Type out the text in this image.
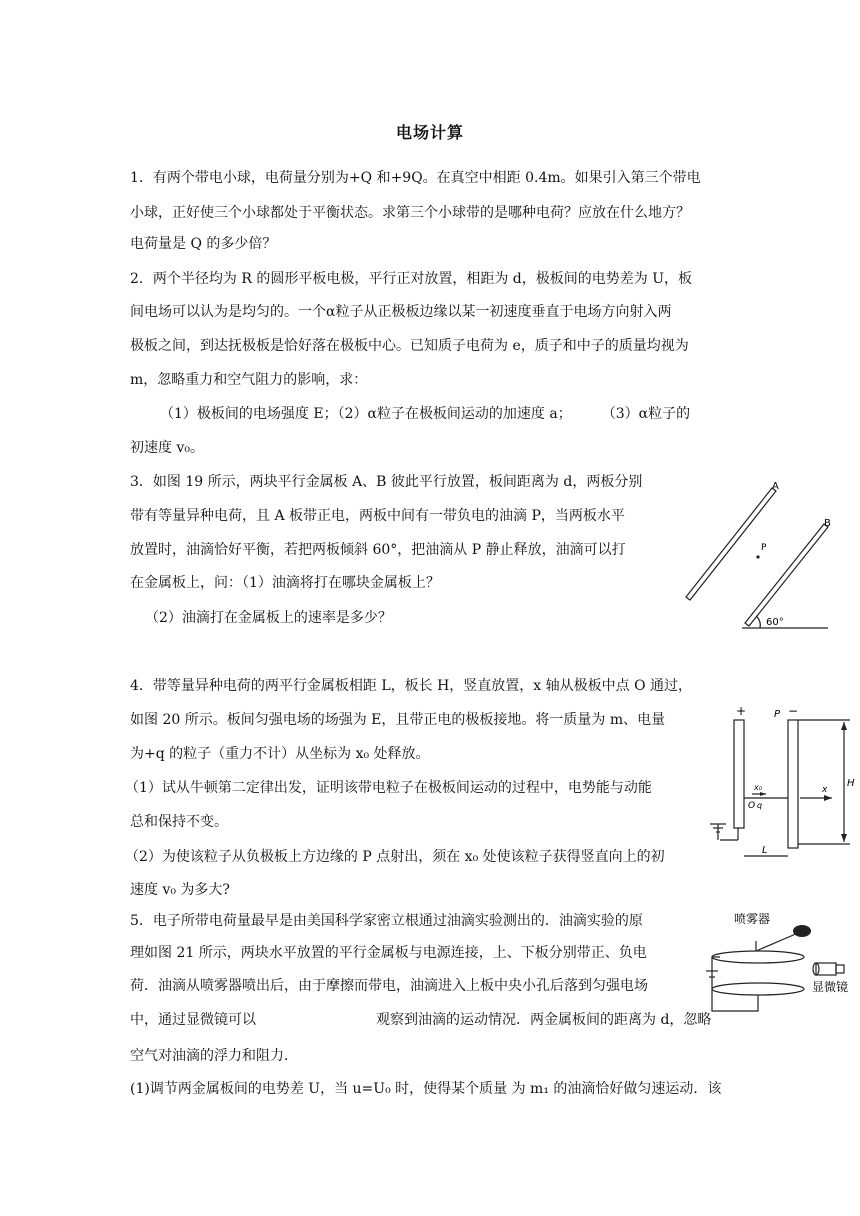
电场计算
1．有两个带电小球，电荷量分别为+Q 和+9Q。在真空中相距 0.4m。如果引入第三个带电
小球，正好使三个小球都处于平衡状态。求第三个小球带的是哪种电荷？应放在什么地方？
电荷量是 Q 的多少倍？
2．两个半径均为 R 的圆形平板电极，平行正对放置，相距为 d，极板间的电势差为 U，板
间电场可以认为是均匀的。一个α粒子从正极板边缘以某一初速度垂直于电场方向射入两
极板之间，到达抚极板是恰好落在极板中心。已知质子电荷为 e，质子和中子的质量均视为
m，忽略重力和空气阻力的影响，求：
（1）极板间的电场强度 E；（2）α粒子在极板间运动的加速度 a； （3）α粒子的
初速度 v₀。
3．如图 19 所示，两块平行金属板 A、B 彼此平行放置，板间距离为 d，两板分别
带有等量异种电荷，且 A 板带正电，两板中间有一带负电的油滴 P，当两板水平
放置时，油滴恰好平衡，若把两板倾斜 60°，把油滴从 P 静止释放，油滴可以打
在金属板上，问：（1）油滴将打在哪块金属板上？
（2）油滴打在金属板上的速率是多少？
4．带等量异种电荷的两平行金属板相距 L，板长 H，竖直放置，x 轴从极板中点 O 通过，
如图 20 所示。板间匀强电场的场强为 E，且带正电的极板接地。将一质量为 m、电量
为+q 的粒子（重力不计）从坐标为 x₀ 处释放。
（1）试从牛顿第二定律出发，证明该带电粒子在极板间运动的过程中，电势能与动能
总和保持不变。
（2）为使该粒子从负极板上方边缘的 P 点射出，须在 x₀ 处使该粒子获得竖直向上的初
速度 v₀ 为多大?
5．电子所带电荷量最早是由美国科学家密立根通过油滴实验测出的．油滴实验的原
理如图 21 所示，两块水平放置的平行金属板与电源连接，上、下板分别带正、负电
荷．油滴从喷雾器喷出后，由于摩擦而带电，油滴进入上板中央小孔后落到匀强电场
中，通过显微镜可以	观察到油滴的运动情况．两金属板间的距离为 d，忽略
空气对油滴的浮力和阻力．
(1)调节两金属板间的电势差 U，当 u=U₀ 时，使得某个质量 为 m₁ 的油滴恰好做匀速运动．该
A
B
P
60°
+	P −
x₀
O q
x
H
L
喷雾器
显微镜
